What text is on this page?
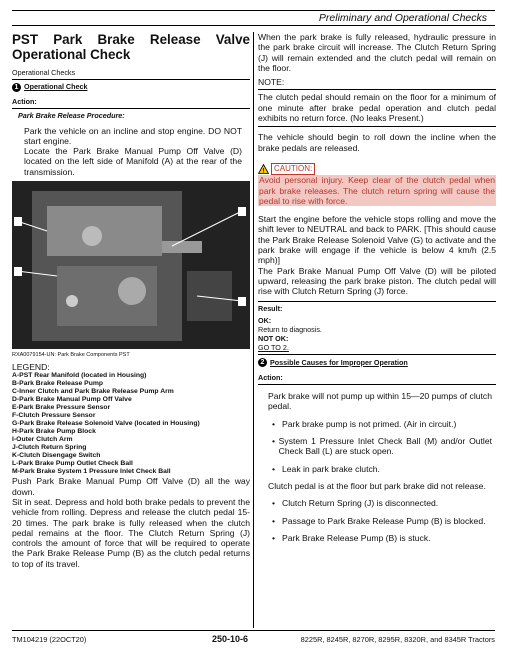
Preliminary and Operational Checks
PST Park Brake Release Valve Operational Check
Operational Checks
1 Operational Check
Action:
Park Brake Release Procedure:
Park the vehicle on an incline and stop engine. DO NOT start engine.
Locate the Park Brake Manual Pump Off Valve (D) located on the left side of Manifold (A) at the rear of the transmission.
RXA0079154-UN: Park Brake Components PST
LEGEND:
A-PST Rear Manifold (located in Housing)
B-Park Brake Release Pump
C-Inner Clutch and Park Brake Release Pump Arm
D-Park Brake Manual Pump Off Valve
E-Park Brake Pressure Sensor
F-Clutch Pressure Sensor
G-Park Brake Release Solenoid Valve (located in Housing)
H-Park Brake Pump Block
I-Outer Clutch Arm
J-Clutch Return Spring
K-Clutch Disengage Switch
L-Park Brake Pump Outlet Check Ball
M-Park Brake System 1 Pressure Inlet Check Ball
Push Park Brake Manual Pump Off Valve (D) all the way down.
Sit in seat. Depress and hold both brake pedals to prevent the vehicle from rolling. Depress and release the clutch pedal 15-20 times. The park brake is fully released when the clutch pedal remains at the floor. The Clutch Return Spring (J) controls the amount of force that will be required to operate the Park Brake Release Pump (B) as the clutch pedal returns to top of its travel.
When the park brake is fully released, hydraulic pressure in the park brake circuit will increase. The Clutch Return Spring (J) will remain extended and the clutch pedal will remain on the floor.
NOTE:
The clutch pedal should remain on the floor for a minimum of one minute after brake pedal operation and clutch pedal exhibits no return force. (No leaks Present.)
The vehicle should begin to roll down the incline when the brake pedals are released.
!	CAUTION:
Avoid personal injury. Keep clear of the clutch pedal when park brake releases. The clutch return spring will cause the pedal to rise with force.
Start the engine before the vehicle stops rolling and move the shift lever to NEUTRAL and back to PARK. [This should cause the Park Brake Release Solenoid Valve (G) to activate and the park brake will engage if the vehicle is below 4 km/h (2.5 mph)]
The Park Brake Manual Pump Off Valve (D) will be piloted upward, releasing the park brake piston. The clutch pedal will rise with Clutch Return Spring (J) force.
Result:
OK:
Return to diagnosis.
NOT OK:
GO TO 2.
2 Possible Causes for Improper Operation
Action:
Park brake will not pump up within 15—20 pumps of clutch pedal.
• Park brake pump is not primed. (Air in circuit.)
• System 1 Pressure Inlet Check Ball (M) and/or Outlet Check Ball (L) are stuck open.
• Leak in park brake clutch.
Clutch pedal is at the floor but park brake did not release.
• Clutch Return Spring (J) is disconnected.
• Passage to Park Brake Release Pump (B) is blocked.
• Park Brake Release Pump (B) is stuck.
TM104219 (22OCT20)	250-10-6	8225R, 8245R, 8270R, 8295R, 8320R, and 8345R Tractors
